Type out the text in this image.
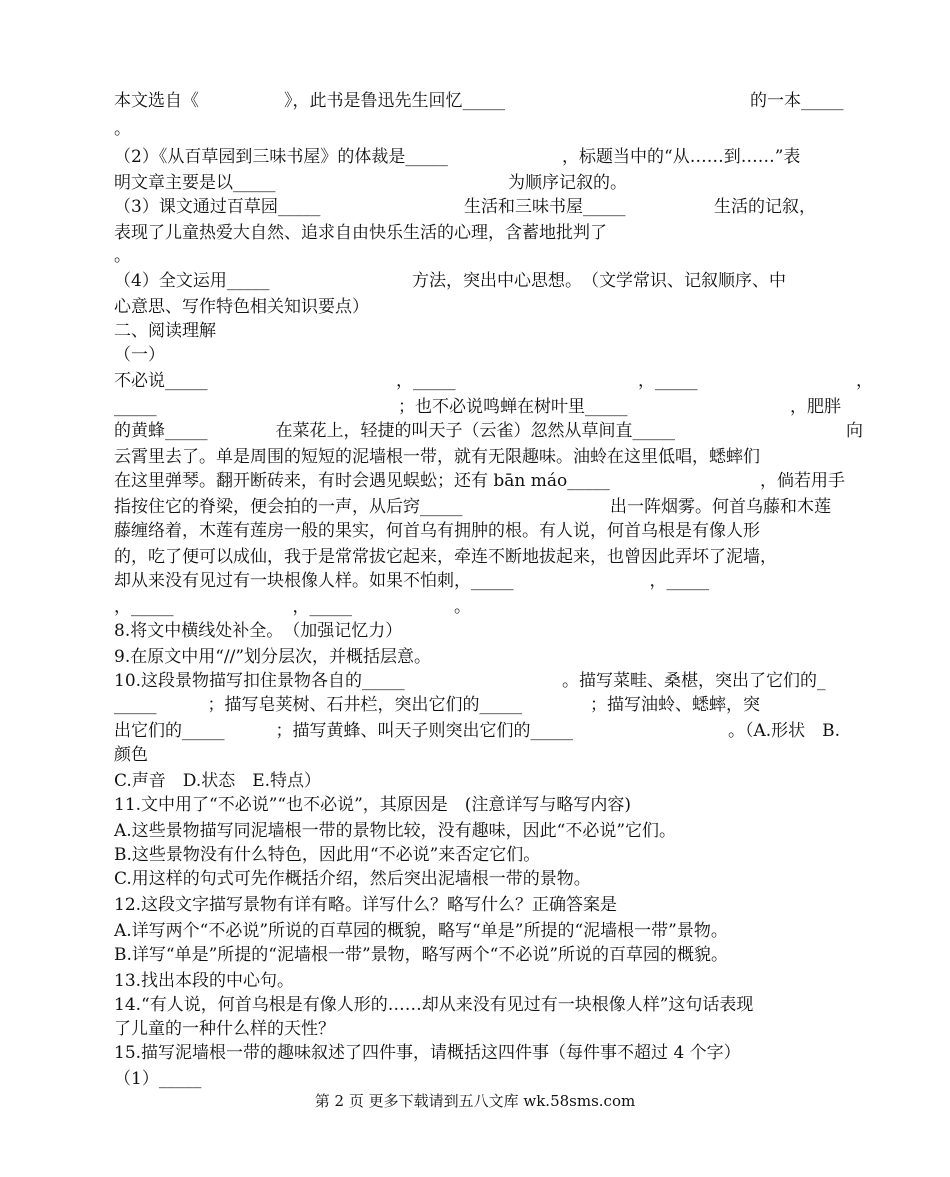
本文选自《　　　　　》，此书是鲁迅先生回忆_____	的一本_____
。
（2）《从百草园到三味书屋》的体裁是_____	，标题当中的“从……到……”表
明文章主要是以_____	为顺序记叙的。
（3）课文通过百草园_____	生活和三味书屋_____	生活的记叙，
表现了儿童热爱大自然、追求自由快乐生活的心理，含蓄地批判了
。
（4）全文运用_____	方法，突出中心思想。　（文学常识、记叙顺序、中
心意思、写作特色相关知识要点）
二、阅读理解
（一）
不必说_____	，_____	，_____	，
_____	；也不必说鸣蝉在树叶里_____	，肥胖
的黄蜂_____　　　　在菜花上，轻捷的叫天子（云雀）忽然从草间直_____	向
云霄里去了。单是周围的短短的泥墙根一带，就有无限趣味。油蛉在这里低唱，蟋蟀们
在这里弹琴。翻开断砖来，有时会遇见蜈蚣；还有 bān máo_____	，倘若用手
指按住它的脊梁，便会拍的一声，从后窍_____	出一阵烟雾。何首乌藤和木莲
藤缠络着，木莲有莲房一般的果实，何首乌有拥肿的根。有人说，何首乌根是有像人形
的，吃了便可以成仙，我于是常常拔它起来，牵连不断地拔起来，也曾因此弄坏了泥墙，
却从来没有见过有一块根像人样。如果不怕刺，_____　　　　　　　　，_____
，_____　　　　　　　，_____　　　　　　。
8.将文中横线处补全。　（加强记忆力）
9.在原文中用“//”划分层次，并概括层意。
10.这段景物描写扣住景物各自的_____	。描写菜畦、桑椹，突出了它们的_
_____　　　；描写皂荚树、石井栏，突出它们的_____　　　　；描写油蛉、蟋蟀，突
出它们的_____　　　；描写黄蜂、叫天子则突出它们的_____	。（A.形状　B.
颜色
C.声音　D.状态　E.特点）
11.文中用了“不必说”“也不必说”，其原因是　(注意详写与略写内容)
A.这些景物描写同泥墙根一带的景物比较，没有趣味，因此“不必说”它们。
B.这些景物没有什么特色，因此用“不必说”来否定它们。
C.用这样的句式可先作概括介绍，然后突出泥墙根一带的景物。
12.这段文字描写景物有详有略。详写什么？略写什么？正确答案是
A.详写两个“不必说”所说的百草园的概貌，略写“单是”所提的“泥墙根一带”景物。
B.详写“单是”所提的“泥墙根一带”景物，略写两个“不必说”所说的百草园的概貌。
13.找出本段的中心句。
14.“有人说，何首乌根是有像人形的……却从来没有见过有一块根像人样”这句话表现
了儿童的一种什么样的天性？
15.描写泥墙根一带的趣味叙述了四件事，请概括这四件事（每件事不超过 4 个字）
（1）_____
第 2 页 更多下载请到五八文库 wk.58sms.com
